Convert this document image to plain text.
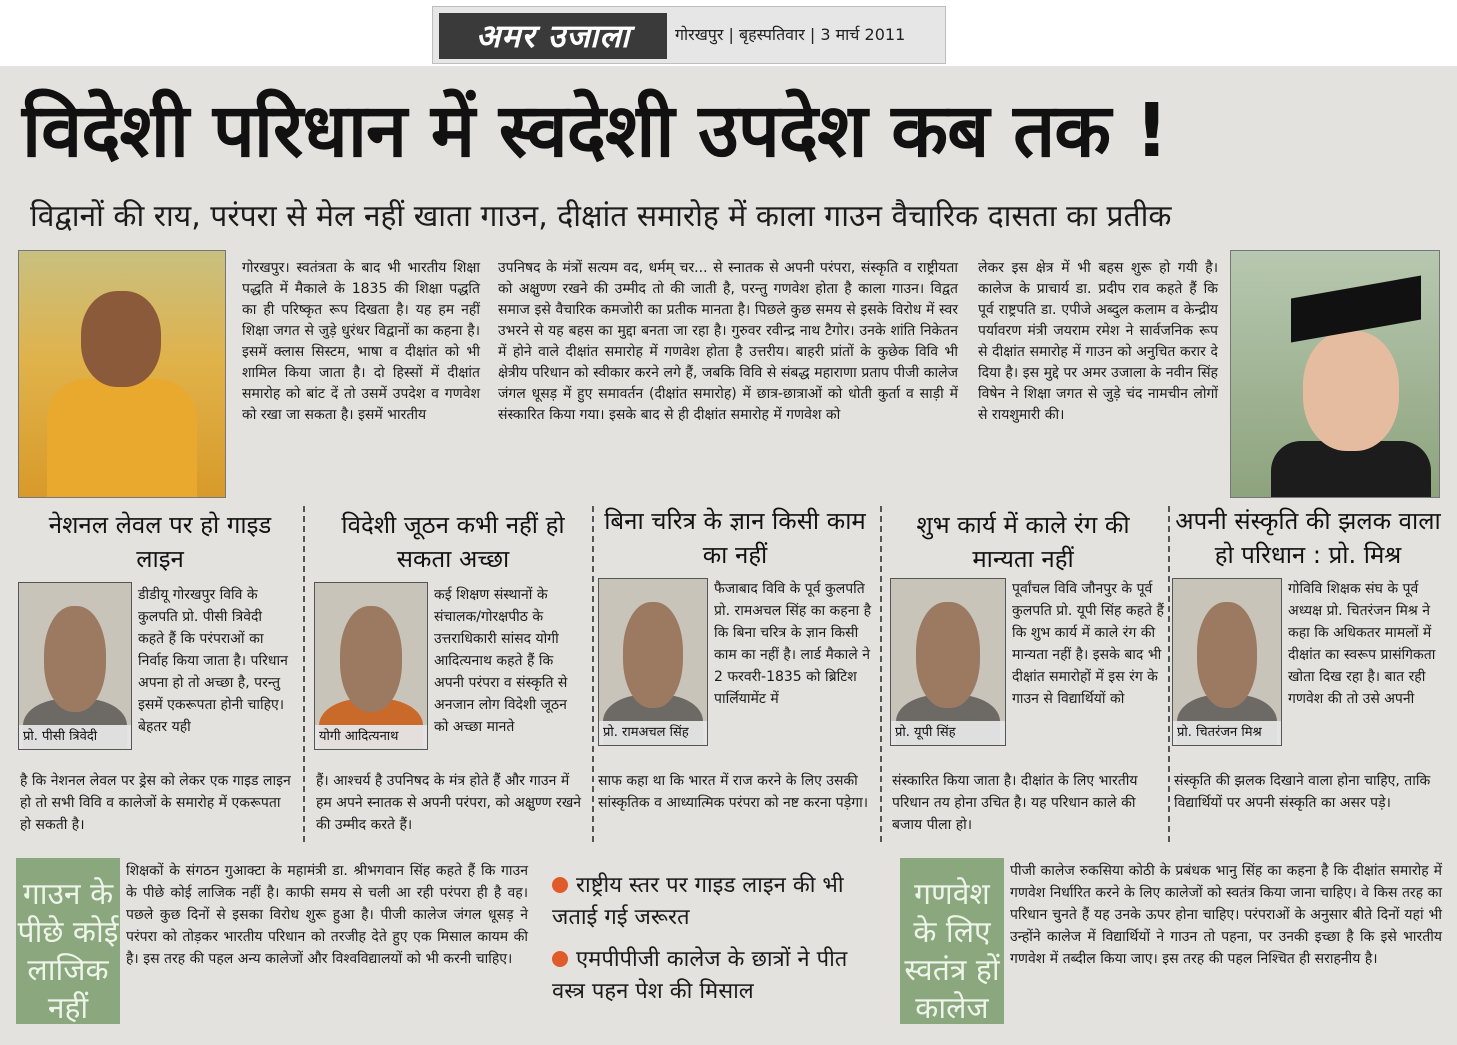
अमर उजाला	गोरखपुर | बृहस्पतिवार | 3 मार्च 2011
विदेशी परिधान में स्वदेशी उपदेश कब तक !
विद्वानों की राय, परंपरा से मेल नहीं खाता गाउन, दीक्षांत समारोह में काला गाउन वैचारिक दासता का प्रतीक
गोरखपुर। स्वतंत्रता के बाद भी भारतीय शिक्षा पद्धति में मैकाले के 1835 की शिक्षा पद्धति का ही परिष्कृत रूप दिखता है। यह हम नहीं शिक्षा जगत से जुड़े धुरंधर विद्वानों का कहना है। इसमें क्लास सिस्टम, भाषा व दीक्षांत को भी शामिल किया जाता है। दो हिस्सों में दीक्षांत समारोह को बांट दें तो उसमें उपदेश व गणवेश को रखा जा सकता है। इसमें भारतीय
उपनिषद के मंत्रों सत्यम वद, धर्मम् चर... से स्नातक से अपनी परंपरा, संस्कृति व राष्ट्रीयता को अक्षुण्ण रखने की उम्मीद तो की जाती है, परन्तु गणवेश होता है काला गाउन। विद्वत समाज इसे वैचारिक कमजोरी का प्रतीक मानता है। पिछले कुछ समय से इसके विरोध में स्वर उभरने से यह बहस का मुद्दा बनता जा रहा है। गुरुवर रवीन्द्र नाथ टैगोर। उनके शांति निकेतन में होने वाले दीक्षांत समारोह में गणवेश होता है उत्तरीय। बाहरी प्रांतों के कुछेक विवि भी क्षेत्रीय परिधान को स्वीकार करने लगे हैं, जबकि विवि से संबद्ध महाराणा प्रताप पीजी कालेज जंगल धूसड़ में हुए समावर्तन (दीक्षांत समारोह) में छात्र-छात्राओं को धोती कुर्ता व साड़ी में संस्कारित किया गया। इसके बाद से ही दीक्षांत समारोह में गणवेश को
लेकर इस क्षेत्र में भी बहस शुरू हो गयी है। कालेज के प्राचार्य डा. प्रदीप राव कहते हैं कि पूर्व राष्ट्रपति डा. एपीजे अब्दुल कलाम व केन्द्रीय पर्यावरण मंत्री जयराम रमेश ने सार्वजनिक रूप से दीक्षांत समारोह में गाउन को अनुचित करार दे दिया है। इस मुद्दे पर अमर उजाला के नवीन सिंह विषेन ने शिक्षा जगत से जुड़े चंद नामचीन लोगों से रायशुमारी की।
नेशनल लेवल पर हो गाइड लाइन
विदेशी जूठन कभी नहीं हो सकता अच्छा
बिना चरित्र के ज्ञान किसी काम का नहीं
शुभ कार्य में काले रंग की मान्यता नहीं
अपनी संस्कृति की झलक वाला हो परिधान : प्रो. मिश्र
प्रो. पीसी त्रिवेदी
डीडीयू गोरखपुर विवि के कुलपति प्रो. पीसी त्रिवेदी कहते हैं कि परंपराओं का निर्वाह किया जाता है। परिधान अपना हो तो अच्छा है, परन्तु इसमें एकरूपता होनी चाहिए। बेहतर यही
है कि नेशनल लेवल पर ड्रेस को लेकर एक गाइड लाइन हो तो सभी विवि व कालेजों के समारोह में एकरूपता हो सकती है।
योगी आदित्यनाथ
कई शिक्षण संस्थानों के संचालक/गोरक्षपीठ के उत्तराधिकारी सांसद योगी आदित्यनाथ कहते हैं कि अपनी परंपरा व संस्कृति से अनजान लोग विदेशी जूठन को अच्छा मानते
हैं। आश्चर्य है उपनिषद के मंत्र होते हैं और गाउन में हम अपने स्नातक से अपनी परंपरा, को अक्षुण्ण रखने की उम्मीद करते हैं।
प्रो. रामअचल सिंह
फैजाबाद विवि के पूर्व कुलपति प्रो. रामअचल सिंह का कहना है कि बिना चरित्र के ज्ञान किसी काम का नहीं है। लार्ड मैकाले ने 2 फरवरी-1835 को ब्रिटिश पार्लियामेंट में
साफ कहा था कि भारत में राज करने के लिए उसकी सांस्कृतिक व आध्यात्मिक परंपरा को नष्ट करना पड़ेगा।
प्रो. यूपी सिंह
पूर्वांचल विवि जौनपुर के पूर्व कुलपति प्रो. यूपी सिंह कहते हैं कि शुभ कार्य में काले रंग की मान्यता नहीं है। इसके बाद भी दीक्षांत समारोहों में इस रंग के गाउन से विद्यार्थियों को
संस्कारित किया जाता है। दीक्षांत के लिए भारतीय परिधान तय होना उचित है। यह परिधान काले की बजाय पीला हो।
प्रो. चितरंजन मिश्र
गोविवि शिक्षक संघ के पूर्व अध्यक्ष प्रो. चितरंजन मिश्र ने कहा कि अधिकतर मामलों में दीक्षांत का स्वरूप प्रासंगिकता खोता दिख रहा है। बात रही गणवेश की तो उसे अपनी
संस्कृति की झलक दिखाने वाला होना चाहिए, ताकि विद्यार्थियों पर अपनी संस्कृति का असर पड़े।
गाउन के पीछे कोई लाजिक नहीं
शिक्षकों के संगठन गुआक्टा के महामंत्री डा. श्रीभगवान सिंह कहते हैं कि गाउन के पीछे कोई लाजिक नहीं है। काफी समय से चली आ रही परंपरा ही है वह। पछले कुछ दिनों से इसका विरोध शुरू हुआ है। पीजी कालेज जंगल धूसड़ ने परंपरा को तोड़कर भारतीय परिधान को तरजीह देते हुए एक मिसाल कायम की है। इस तरह की पहल अन्य कालेजों और विश्वविद्यालयों को भी करनी चाहिए।
राष्ट्रीय स्तर पर गाइड लाइन की भी जताई गई जरूरत
एमपीपीजी कालेज के छात्रों ने पीत वस्त्र पहन पेश की मिसाल
गणवेश के लिए स्वतंत्र हों कालेज
पीजी कालेज रुकसिया कोठी के प्रबंधक भानु सिंह का कहना है कि दीक्षांत समारोह में गणवेश निर्धारित करने के लिए कालेजों को स्वतंत्र किया जाना चाहिए। वे किस तरह का परिधान चुनते हैं यह उनके ऊपर होना चाहिए। परंपराओं के अनुसार बीते दिनों यहां भी उन्होंने कालेज में विद्यार्थियों ने गाउन तो पहना, पर उनकी इच्छा है कि इसे भारतीय गणवेश में तब्दील किया जाए। इस तरह की पहल निश्चित ही सराहनीय है।
